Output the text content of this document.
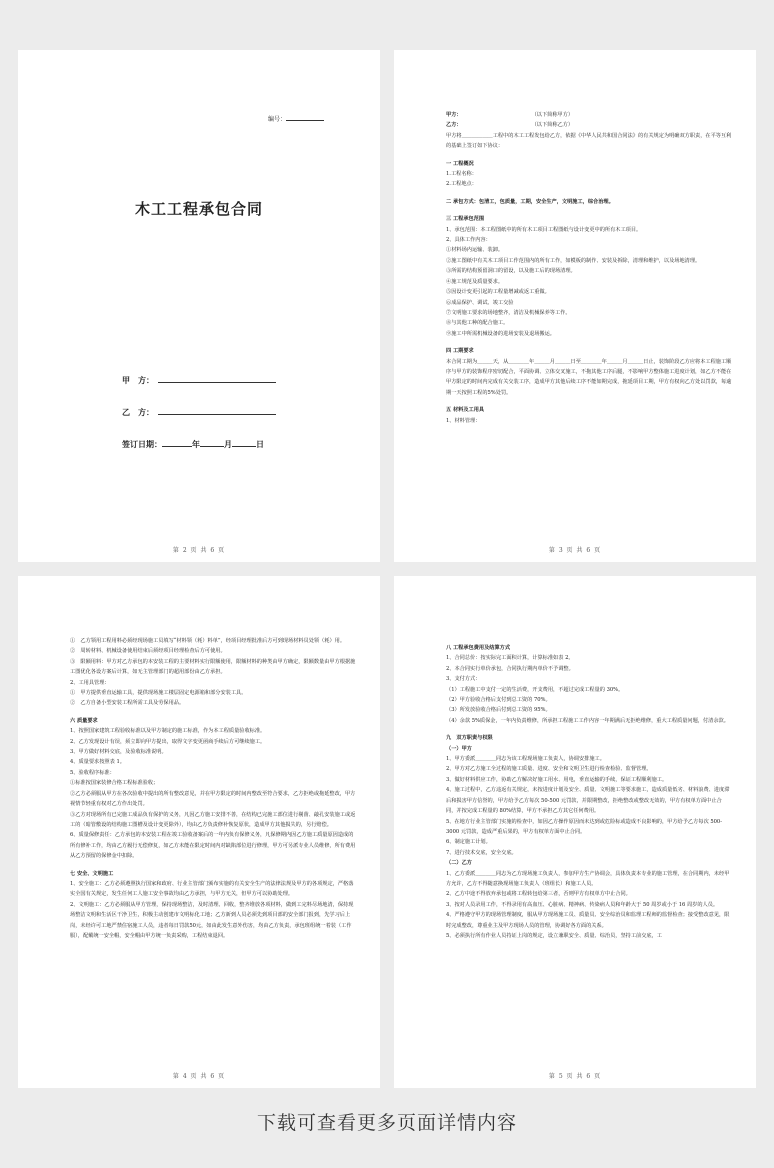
编号：
木工工程承包合同
甲　方：
乙　方：
签订日期：	年	月	日
第 2 页 共 6 页
甲方：	（以下简称甲方）
乙方：	（以下简称乙方）
甲方将＿＿＿＿＿＿工程中的木工工程发包给乙方，依据《中华人民共和国合同法》的有关规定为明确双方职责，在平等互利的基础上签订如下协议：
一 工程概况
1.工程名称：
2.工程地点：
二 承包方式：包清工，包质量，工期，安全生产，文明施工，综合治理。
三 工程承包范围
1、承包范围：本工程图纸中的所有木工项目工程图纸与设计变更中的所有木工项目。
2、具体工作内容：
①材料场内运输、装卸。
②施工图纸中有关木工项目工作范围内的所有工作，如模板的制作、安装及拆除，清理和维护，以及场地清理。
③所需的结构预留洞口的留设，以及施工后的现场清理。
④施工规范及质量要求。
⑤因设计变更引起的工程量增减或返工重做。
⑥成品保护、调试、竣工交验
⑦文明施工要求的场地整齐，清洁及机械保养等工作。
⑧与其他工种的配合施工。
⑨施工中所需机械设备的进场安装及退场搬运。
四 工期要求
本合同工期为＿＿＿天，从＿＿＿＿年＿＿＿月＿＿＿日至＿＿＿＿年＿＿＿月＿＿＿日止，装饰阶段乙方应将本工程施工顺序与甲方的装饰程序密切配合，平面协调、立体交叉施工，不拖其他工序后腿，不影响甲方整体施工进度计划，如乙方不能在甲方限定的时间内完成有关交装工序，造成甲方其他后续工序不能如期完成，拖延项目工期，甲方有权向乙方处以罚款，每逾期一天按照工程的5%处罚。
五 材料及工用具
1、材料管理：
第 3 页 共 6 页
①　乙方领用工程用料必须经现场施工员填写“材料领（耗）料单”，经项目经理批准后方可到现场材料员处领（耗）用。
②　周转材料、机械设备使用结束后须经项目经理检查后方可使用。
③　限额用料：甲方对乙方承包的本安装工程的主要材料实行限额使用，限额材料的种类由甲方确定，限额数量由甲方根据施工图优化各设方案后计算，如无主管理部门的超用部份由乙方承担。
2、工用具管理：
①　甲方提供垂直运输工具，提供现场施工楼层固定电源箱和部分安装工具。
②　乙方自备小型安装工程所需工具及劳保用品。
六 质量要求
1、按照国家建筑工程验收标准以及甲方制定的施工标准，作为本工程质量验收标准。
2、乙方发现设计有误，须立即向甲方提出，取得文字变更函商手续后方可继续施工。
3、甲方做好材料交底，及验收标准说明。
4、质量要求按照表 1。
5、验收程序标准：
①标准按国家装修合格工程标准验收；
②乙方必须服从甲方在各次验收中提出的所有整改意见，并在甲方限定的时间内整改至符合要求，乙方拒绝或拖延整改，甲方视情节轻重有权对乙方作出处罚。
③乙方对现场所有已完施工成品负有保护的义务，凡因乙方施工安排不善，在结构已完施工部位进行剔凿、敲孔安装施工或返工的（暗管敷设的结构施工图槽及设计变更除外），均由乙方负责修补恢复原状，造成甲方其他损失的，另行赔偿。
6、质量保修责任：乙方承包的本安装工程在竣工验收备案后的一年内负有保修义务，凡保修期内因乙方施工质量原因造成的所有修补工作，均由乙方履行无偿修复，如乙方未能在限定时间内对缺陷部位进行修理，甲方可另派专业人员维修，所有费用从乙方预留的保修金中扣除。
七 安全、文明施工
1、安全施工：乙方必须遵照执行国家和政府、行业主管部门颁布实施的有关安全生产的法律法规及甲方的各项规定，严格落实全国有关规定，发生任何工人施工安全事故均由乙方承担，与甲方无关，但甲方可以协助处理。
2、文明施工：乙方必须服从甲方管理，保持现场整洁，及时清理、回收，整齐堆放各项材料，做到工完料尽场地清，保持现场整洁文明和生活区干净卫生，积极主动创建市文明标化工地；乙方新到人员必须先到项目部的安全部门报到，先学习后上岗，未经许可工地严禁住宿施工人员，违者每日罚款50元，如由此发生意外伤害，均由乙方负责，承包班组统一着装（工作服），配戴统一安全帽，安全帽由甲方统一负责采购，工程结束退回。
第 4 页 共 6 页
八 工程承包费用及结算方式
1、合同总价：按实际完工面积计算，计算标准如表 2。
2、本合同实行单价承包，合同执行期内单价不予调整。
3、支付方式：
（1）工程施工中支付一定的生活费，开支费用，不超过完成工程量的 30%。
（2）甲方验收合格后支付到总工资的 70%。
（3）所发放验收合格后付到总工资的 95%。
（4）余款 5%质保金，一年内负责维修，所承担工程施工工作内容一年期满后无拒绝维修，重大工程质量问题，付清余款。
九　双方职责与权限
（一）甲方
1、甲方委派＿＿＿＿同志为该工程现场施工负责人，协调安排施工。
2、甲方对乙方施工全过程的施工质量、进度、安全和文明卫生进行检查检验、监督管理。
3、做好材料供应工作，协助乙方解决好施工用水、用电，垂直运输的手续，保证工程顺利施工。
4、施工过程中，乙方违返有关规定，未按进度计划及安全、质量、文明施工等要求施工，造成质量低劣、材料浪费、进度滞后和损害甲方信誉的，甲方给予乙方每次 50-500 元罚款，并限期整改，拒绝整改或整改无效的，甲方有权单方面中止合同，并按完成工程量的 80%结算，甲方不承担乙方其它任何费用。
5、在地方行业主管部门实施的检查中，如因乙方操作原因而未达到或危险标或造成不良影响的，甲方给予乙方每次 500-3000 元罚款，造成严重后果的，甲方有权单方面中止合同。
6、制定施工计划。
7、进行技术交底，安全交底。
（二）乙方
1、乙方委派＿＿＿＿同志为乙方现场施工负责人，参加甲方生产协调会，具体负责本专业的施工管理，在合同期内，未经甲方允许，乙方不得随意换现场施工负责人（班组长）和施工人员。
2、乙方中途不得放弃承包或将工程转包给第三者，否则甲方有权单方中止合同。
3、按对人员录用工作，不得录用有高血压、心脏病、精神病、传染病人员和年龄大于 50 周岁或小于 16 周岁的人员。
4、严格遵守甲方的现场管理制度，服从甲方现场施工员、质量员、安全综治员和监理工程师的监督检查；接受整改意见，限时完成整改，尊重业主及甲方现场人员的管理，协调好各方面的关系。
5、必须执行所有作业人员持证上岗的规定，设立兼职安全、质量、综治员，坚持工前交底，工
第 5 页 共 6 页
下载可查看更多页面详情内容
